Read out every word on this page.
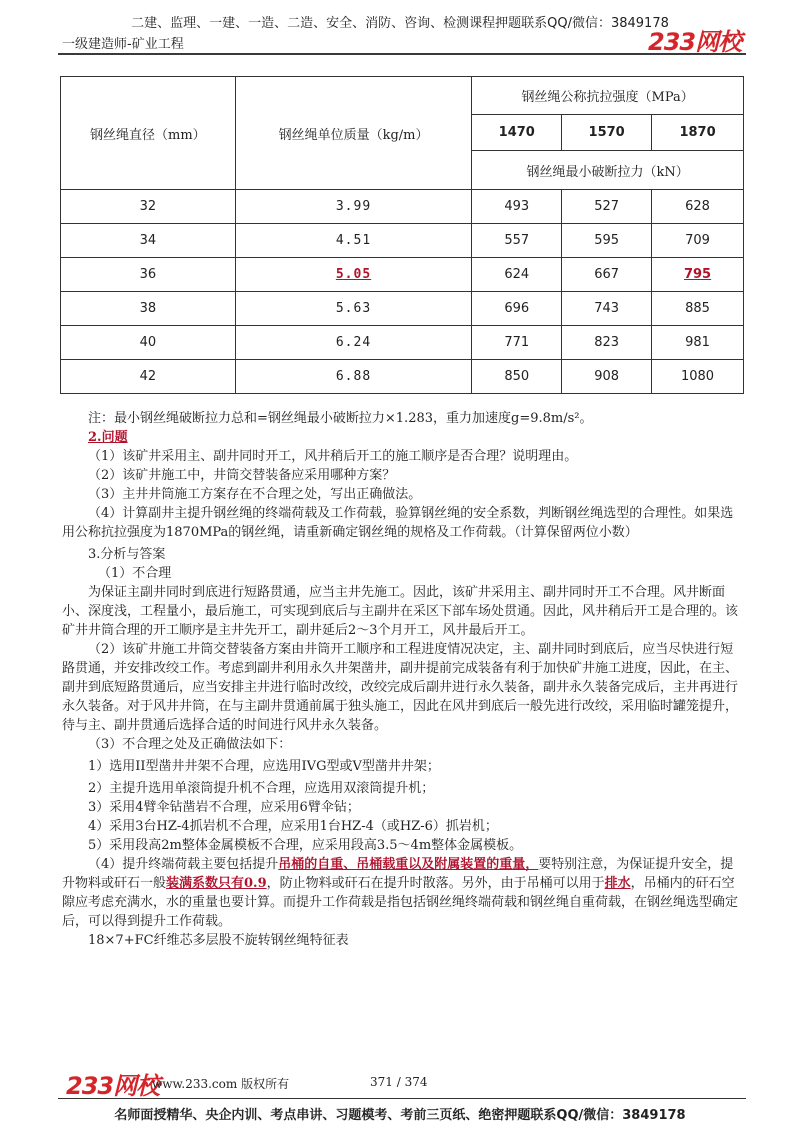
二建、监理、一建、一造、二造、安全、消防、咨询、检测课程押题联系QQ/微信：3849178
一级建造师-矿业工程	233网校
钢丝绳直径（mm）	钢丝绳单位质量（kg/m）	钢丝绳公称抗拉强度（MPa）		
		1470	1570	1870
		钢丝绳最小破断拉力（kN）		
32	3.99	493	527	628
34	4.51	557	595	709
36	5.05	624	667	795
38	5.63	696	743	885
40	6.24	771	823	981
42	6.88	850	908	1080

注：最小钢丝绳破断拉力总和=钢丝绳最小破断拉力×1.283，重力加速度g=9.8m/s²。

2.问题

（1）该矿井采用主、副井同时开工，风井稍后开工的施工顺序是否合理？说明理由。

（2）该矿井施工中，井筒交替装备应采用哪种方案？

（3）主井井筒施工方案存在不合理之处，写出正确做法。

（4）计算副井主提升钢丝绳的终端荷载及工作荷载，验算钢丝绳的安全系数，判断钢丝绳选型的合理性。如果选用公称抗拉强度为1870MPa的钢丝绳，请重新确定钢丝绳的规格及工作荷载。（计算保留两位小数）

3.分析与答案

（1）不合理

为保证主副井同时到底进行短路贯通，应当主井先施工。因此，该矿井采用主、副井同时开工不合理。风井断面小、深度浅，工程量小，最后施工，可实现到底后与主副井在采区下部车场处贯通。因此，风井稍后开工是合理的。该矿井井筒合理的开工顺序是主井先开工，副井延后2～3个月开工，风井最后开工。

（2）该矿井施工井筒交替装备方案由井筒开工顺序和工程进度情况决定，主、副井同时到底后，应当尽快进行短路贯通，并安排改绞工作。考虑到副井利用永久井架凿井，副井提前完成装备有利于加快矿井施工进度，因此，在主、副井到底短路贯通后，应当安排主井进行临时改绞，改绞完成后副井进行永久装备，副井永久装备完成后，主井再进行永久装备。对于风井井筒，在与主副井贯通前属于独头施工，因此在风井到底后一般先进行改绞，采用临时罐笼提升，待与主、副井贯通后选择合适的时间进行风井永久装备。

（3）不合理之处及正确做法如下：

1）选用II型凿井井架不合理，应选用IVG型或V型凿井井架；

2）主提升选用单滚筒提升机不合理，应选用双滚筒提升机；

3）采用4臂伞钻凿岩不合理，应采用6臂伞钻；

4）采用3台HZ-4抓岩机不合理，应采用1台HZ-4（或HZ-6）抓岩机；

5）采用段高2m整体金属模板不合理，应采用段高3.5～4m整体金属模板。

（4）提升终端荷载主要包括提升吊桶的自重、吊桶载重以及附属装置的重量，要特别注意，为保证提升安全，提升物料或矸石一般装满系数只有0.9，防止物料或矸石在提升时散落。另外，由于吊桶可以用于排水，吊桶内的矸石空隙应考虑充满水，水的重量也要计算。而提升工作荷载是指包括钢丝绳终端荷载和钢丝绳自重荷载，在钢丝绳选型确定后，可以得到提升工作荷载。

18×7+FC纤维芯多层股不旋转钢丝绳特征表

233网校
www.233.com 版权所有	371 / 374
名师面授精华、央企内训、考点串讲、习题模考、考前三页纸、绝密押题联系QQ/微信：3849178
